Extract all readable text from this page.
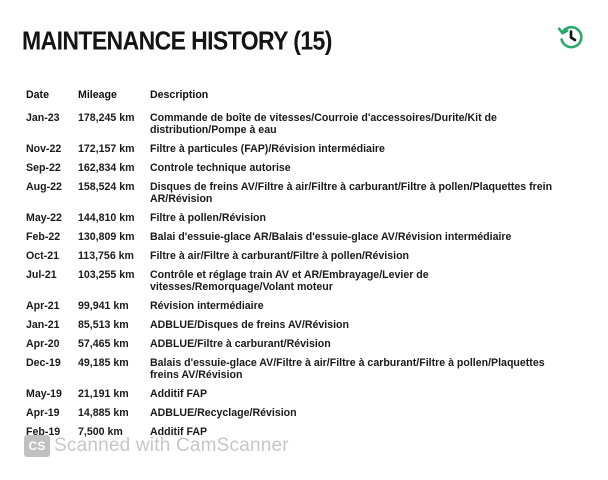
MAINTENANCE HISTORY (15)
Date	Mileage	Description
Jan-23	178,245 km	Commande de boîte de vitesses/Courroie d'accessoires/Durite/Kit de distribution/Pompe à eau
Nov-22	172,157 km	Filtre à particules (FAP)/Révision intermédiaire
Sep-22	162,834 km	Controle technique autorise
Aug-22	158,524 km	Disques de freins AV/Filtre à air/Filtre à carburant/Filtre à pollen/Plaquettes frein AR/Révision
May-22	144,810 km	Filtre à pollen/Révision
Feb-22	130,809 km	Balai d'essuie-glace AR/Balais d'essuie-glace AV/Révision intermédiaire
Oct-21	113,756 km	Filtre à air/Filtre à carburant/Filtre à pollen/Révision
Jul-21	103,255 km	Contrôle et réglage train AV et AR/Embrayage/Levier de vitesses/Remorquage/Volant moteur
Apr-21	99,941 km	Révision intermédiaire
Jan-21	85,513 km	ADBLUE/Disques de freins AV/Révision
Apr-20	57,465 km	ADBLUE/Filtre à carburant/Révision
Dec-19	49,185 km	Balais d'essuie-glace AV/Filtre à air/Filtre à carburant/Filtre à pollen/Plaquettes freins AV/Révision
May-19	21,191 km	Additif FAP
Apr-19	14,885 km	ADBLUE/Recyclage/Révision
Feb-19	7,500 km	Additif FAP
CS Scanned with CamScanner
